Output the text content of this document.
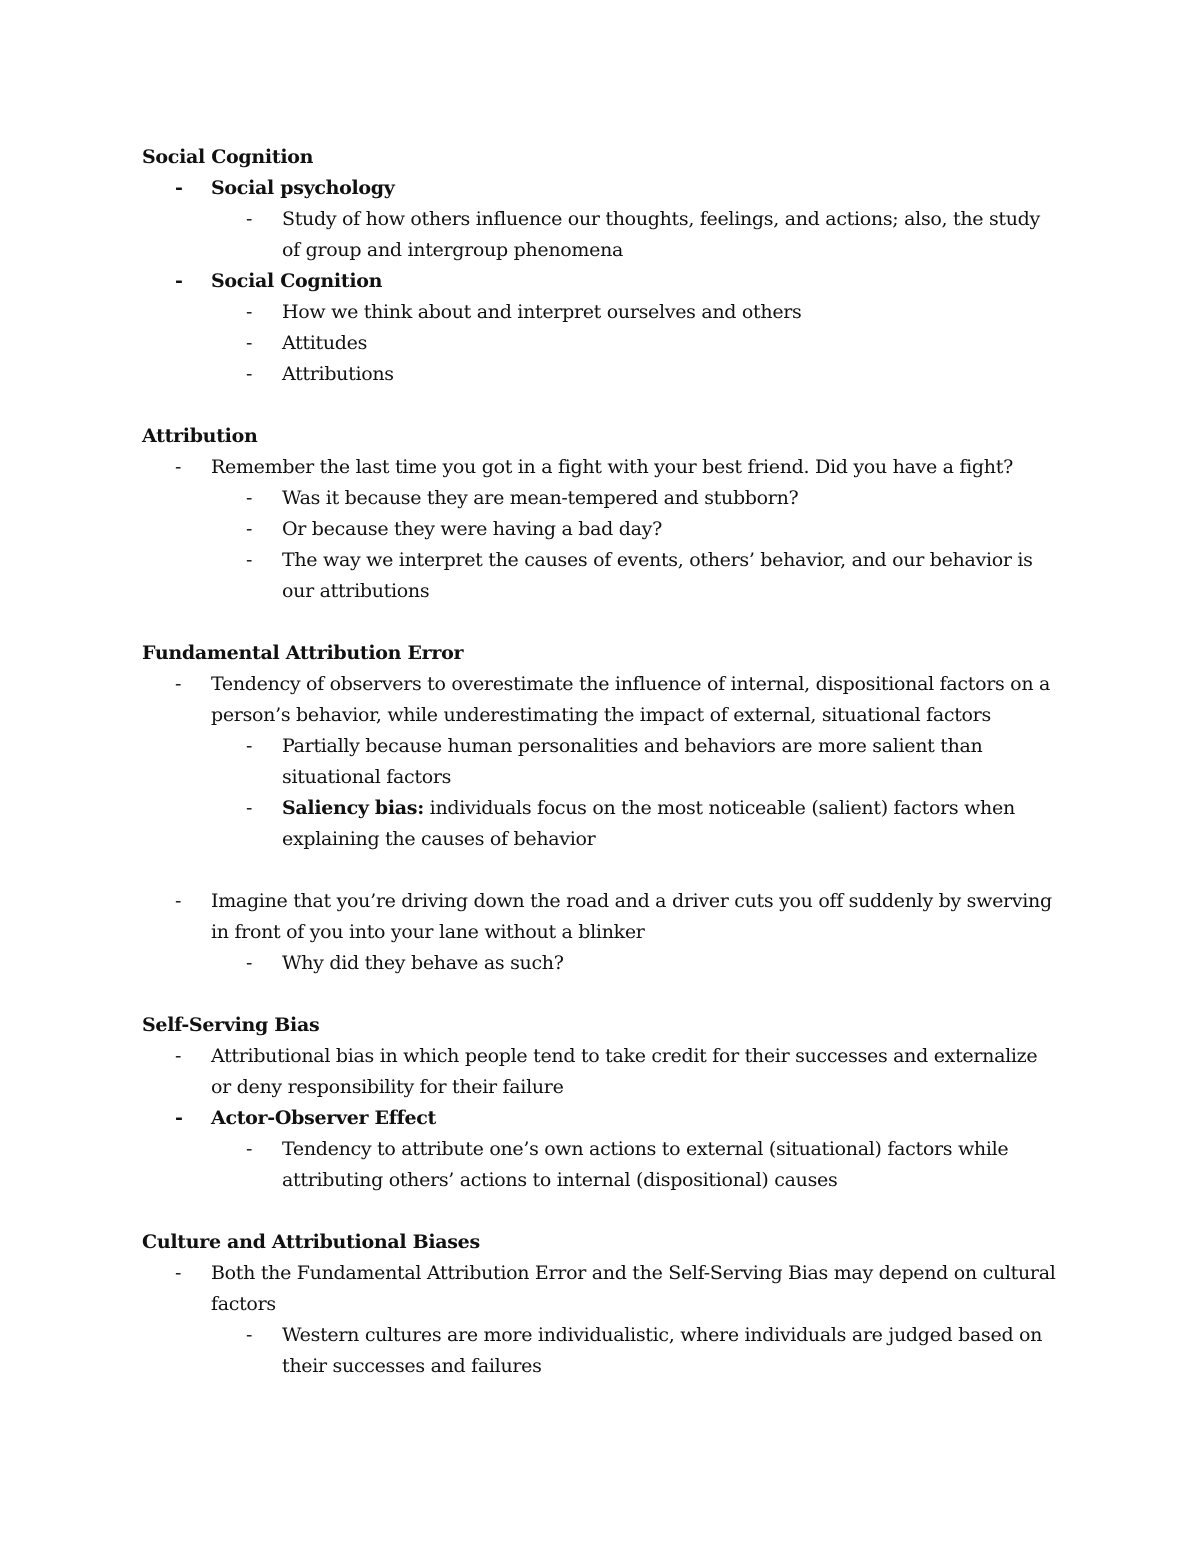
Social Cognition
-	Social psychology
-	Study of how others influence our thoughts, feelings, and actions; also, the study of group and intergroup phenomena
-	Social Cognition
-	How we think about and interpret ourselves and others
-	Attitudes
-	Attributions
Attribution
-	Remember the last time you got in a fight with your best friend. Did you have a fight?
-	Was it because they are mean-tempered and stubborn?
-	Or because they were having a bad day?
-	The way we interpret the causes of events, others’ behavior, and our behavior is our attributions
Fundamental Attribution Error
-	Tendency of observers to overestimate the influence of internal, dispositional factors on a person’s behavior, while underestimating the impact of external, situational factors
-	Partially because human personalities and behaviors are more salient than situational factors
-	Saliency bias: individuals focus on the most noticeable (salient) factors when explaining the causes of behavior
-	Imagine that you’re driving down the road and a driver cuts you off suddenly by swerving in front of you into your lane without a blinker
-	Why did they behave as such?
Self-Serving Bias
-	Attributional bias in which people tend to take credit for their successes and externalize or deny responsibility for their failure
-	Actor-Observer Effect
-	Tendency to attribute one’s own actions to external (situational) factors while attributing others’ actions to internal (dispositional) causes
Culture and Attributional Biases
-	Both the Fundamental Attribution Error and the Self-Serving Bias may depend on cultural factors
-	Western cultures are more individualistic, where individuals are judged based on their successes and failures
